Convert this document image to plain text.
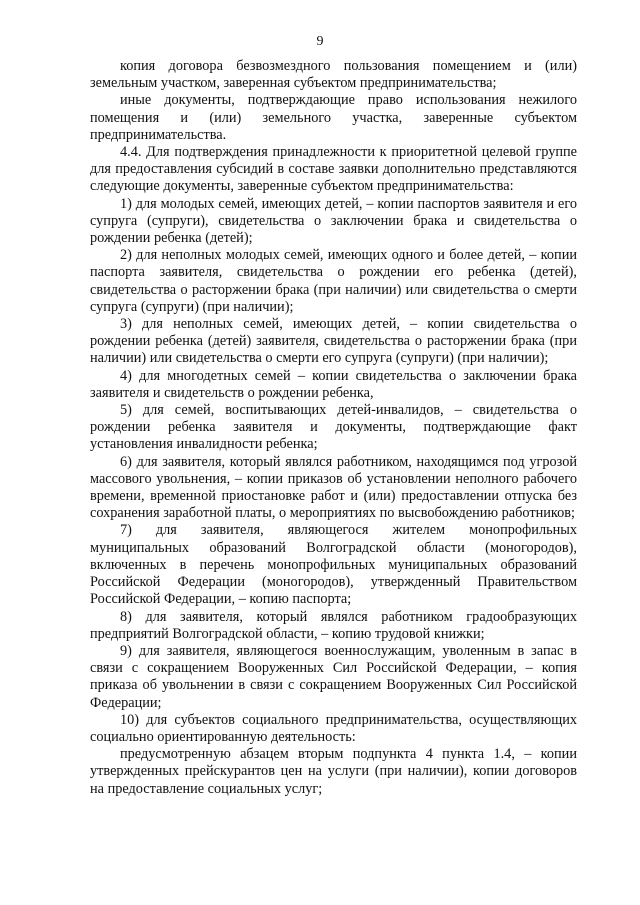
9

копия договора безвозмездного пользования помещением и (или) земельным участком, заверенная субъектом предпринимательства;

иные документы, подтверждающие право использования нежилого помещения и (или) земельного участка, заверенные субъектом предпринимательства.

4.4. Для подтверждения принадлежности к приоритетной целевой группе для предоставления субсидий в составе заявки дополнительно представляются следующие документы, заверенные субъектом предпринимательства:

1) для молодых семей, имеющих детей, – копии паспортов заявителя и его супруга (супруги), свидетельства о заключении брака и свидетельства о рождении ребенка (детей);

2) для неполных молодых семей, имеющих одного и более детей, – копии паспорта заявителя, свидетельства о рождении его ребенка (детей), свидетельства о расторжении брака (при наличии) или свидетельства о смерти супруга (супруги) (при наличии);

3) для неполных семей, имеющих детей, – копии свидетельства о рождении ребенка (детей) заявителя, свидетельства о расторжении брака (при наличии) или свидетельства о смерти его супруга (супруги) (при наличии);

4) для многодетных семей – копии свидетельства о заключении брака заявителя и свидетельств о рождении ребенка,

5) для семей, воспитывающих детей-инвалидов, – свидетельства о рождении ребенка заявителя и документы, подтверждающие факт установления инвалидности ребенка;

6) для заявителя, который являлся работником, находящимся под угрозой массового увольнения, – копии приказов об установлении неполного рабочего времени, временной приостановке работ и (или) предоставлении отпуска без сохранения заработной платы, о мероприятиях по высвобождению работников;

7) для заявителя, являющегося жителем монопрофильных муниципальных образований Волгоградской области (моногородов), включенных в перечень монопрофильных муниципальных образований Российской Федерации (моногородов), утвержденный Правительством Российской Федерации, – копию паспорта;

8) для заявителя, который являлся работником градообразующих предприятий Волгоградской области, – копию трудовой книжки;

9) для заявителя, являющегося военнослужащим, уволенным в запас в связи с сокращением Вооруженных Сил Российской Федерации, – копия приказа об увольнении в связи с сокращением Вооруженных Сил Российской Федерации;

10) для субъектов социального предпринимательства, осуществляющих социально ориентированную деятельность:

предусмотренную абзацем вторым подпункта 4 пункта 1.4, – копии утвержденных прейскурантов цен на услуги (при наличии), копии договоров на предоставление социальных услуг;
